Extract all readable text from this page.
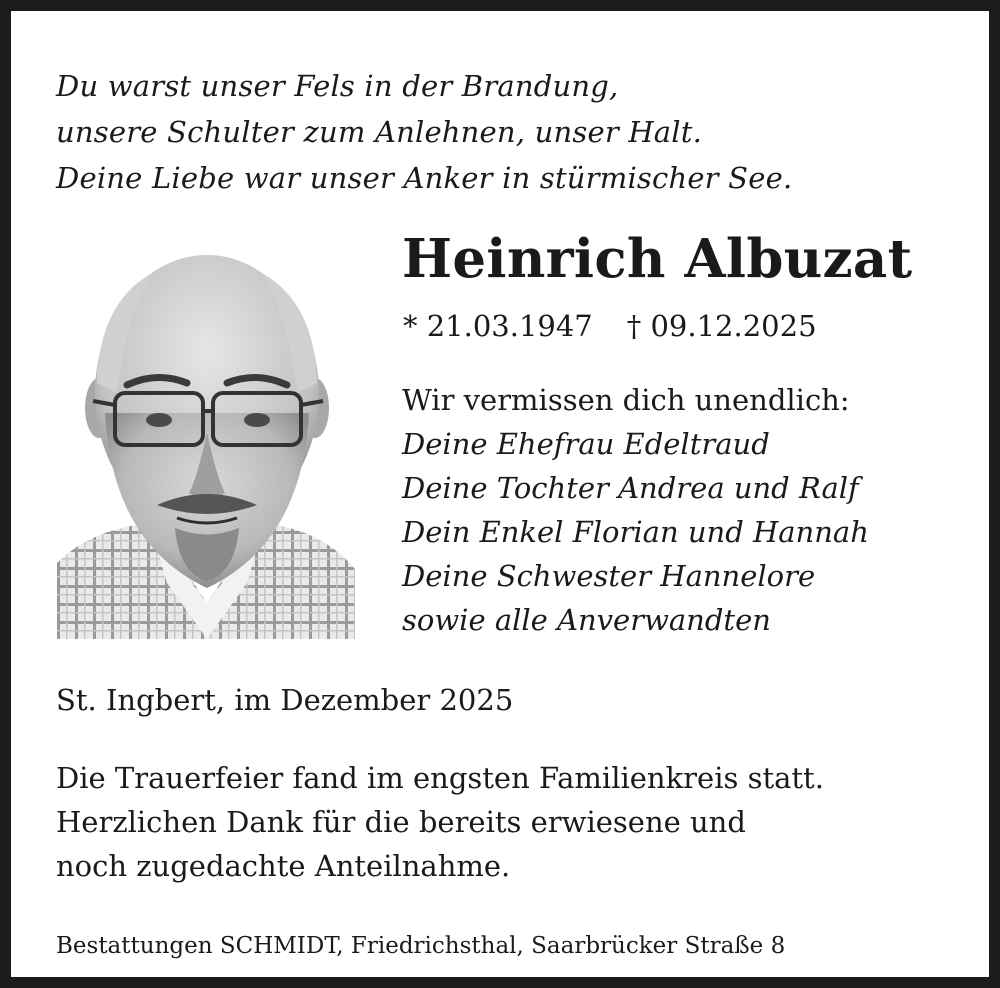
Du warst unser Fels in der Brandung,
unsere Schulter zum Anlehnen, unser Halt.
Deine Liebe war unser Anker in stürmischer See.
Heinrich Albuzat
* 21.03.1947 † 09.12.2025
Wir vermissen dich unendlich:
Deine Ehefrau Edeltraud
Deine Tochter Andrea und Ralf
Dein Enkel Florian und Hannah
Deine Schwester Hannelore
sowie alle Anverwandten
St. Ingbert, im Dezember 2025
Die Trauerfeier fand im engsten Familienkreis statt.
Herzlichen Dank für die bereits erwiesene und
noch zugedachte Anteilnahme.
Bestattungen SCHMIDT, Friedrichsthal, Saarbrücker Straße 8
